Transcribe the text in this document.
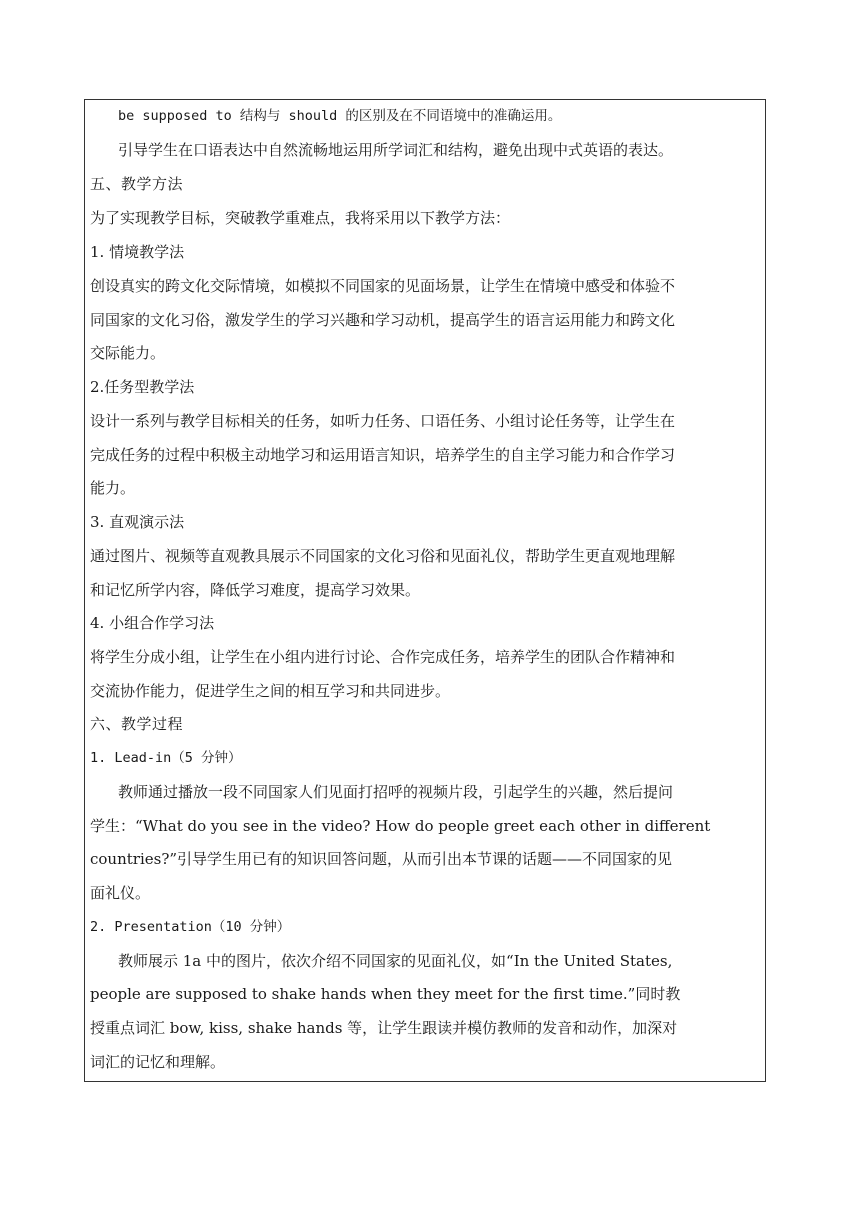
be supposed to 结构与 should 的区别及在不同语境中的准确运用。
引导学生在口语表达中自然流畅地运用所学词汇和结构，避免出现中式英语的表达。
五、教学方法
为了实现教学目标，突破教学重难点，我将采用以下教学方法：
1. 情境教学法
创设真实的跨文化交际情境，如模拟不同国家的见面场景，让学生在情境中感受和体验不
同国家的文化习俗，激发学生的学习兴趣和学习动机，提高学生的语言运用能力和跨文化
交际能力。
2.任务型教学法
设计一系列与教学目标相关的任务，如听力任务、口语任务、小组讨论任务等，让学生在
完成任务的过程中积极主动地学习和运用语言知识，培养学生的自主学习能力和合作学习
能力。
3. 直观演示法
通过图片、视频等直观教具展示不同国家的文化习俗和见面礼仪，帮助学生更直观地理解
和记忆所学内容，降低学习难度，提高学习效果。
4. 小组合作学习法
将学生分成小组，让学生在小组内进行讨论、合作完成任务，培养学生的团队合作精神和
交流协作能力，促进学生之间的相互学习和共同进步。
六、教学过程
1. Lead-in（5 分钟）
教师通过播放一段不同国家人们见面打招呼的视频片段，引起学生的兴趣，然后提问
学生：“What do you see in the video? How do people greet each other in different
countries?”引导学生用已有的知识回答问题，从而引出本节课的话题——不同国家的见
面礼仪。
2. Presentation（10 分钟）
教师展示 1a 中的图片，依次介绍不同国家的见面礼仪，如“In the United States,
people are supposed to shake hands when they meet for the first time.”同时教
授重点词汇 bow, kiss, shake hands 等，让学生跟读并模仿教师的发音和动作，加深对
词汇的记忆和理解。
